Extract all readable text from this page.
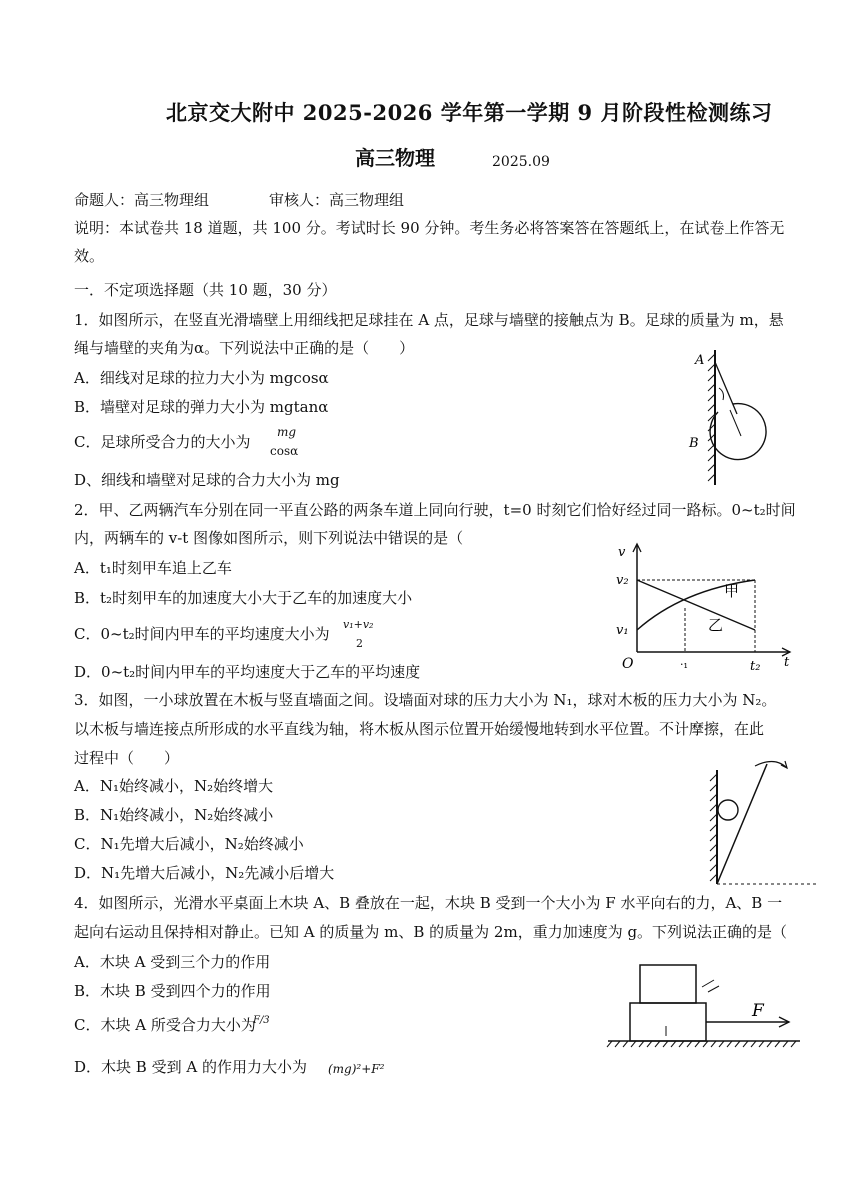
北京交大附中 2025-2026 学年第一学期 9 月阶段性检测练习
高三物理	2025.09
命题人：高三物理组　　　　审核人：高三物理组
说明：本试卷共 18 道题，共 100 分。考试时长 90 分钟。考生务必将答案答在答题纸上，在试卷上作答无
效。
一．不定项选择题（共 10 题，30 分）
1．如图所示，在竖直光滑墙壁上用细线把足球挂在 A 点，足球与墙壁的接触点为 B。足球的质量为 m，悬
绳与墙壁的夹角为α。下列说法中正确的是（　　）
A．细线对足球的拉力大小为 mgcosα
B．墙壁对足球的弹力大小为 mgtanα
C．足球所受合力的大小为
mg
cosα
D、细线和墙壁对足球的合力大小为 mg
A
B
2．甲、乙两辆汽车分别在同一平直公路的两条车道上同向行驶，t=0 时刻它们恰好经过同一路标。0~t₂时间
内，两辆车的 v-t 图像如图所示，则下列说法中错误的是（
A．t₁时刻甲车追上乙车
B．t₂时刻甲车的加速度大小大于乙车的加速度大小
C．0~t₂时间内甲车的平均速度大小为
v₁+v₂
2
D．0~t₂时间内甲车的平均速度大于乙车的平均速度
v
v₂
v₁
O	·₁	t₂ t
甲
乙
3．如图，一小球放置在木板与竖直墙面之间。设墙面对球的压力大小为 N₁，球对木板的压力大小为 N₂。
以木板与墙连接点所形成的水平直线为轴，将木板从图示位置开始缓慢地转到水平位置。不计摩擦，在此
过程中（　　）
A．N₁始终减小，N₂始终增大
B．N₁始终减小，N₂始终减小
C．N₁先增大后减小，N₂始终减小
D．N₁先增大后减小，N₂先减小后增大
4．如图所示，光滑水平桌面上木块 A、B 叠放在一起，木块 B 受到一个大小为 F 水平向右的力，A、B 一
起向右运动且保持相对静止。已知 A 的质量为 m、B 的质量为 2m，重力加速度为 g。下列说法正确的是（
A．木块 A 受到三个力的作用
B．木块 B 受到四个力的作用
C．木块 A 所受合力大小为
F/3
D．木块 B 受到 A 的作用力大小为 (mg)²+F²
F
